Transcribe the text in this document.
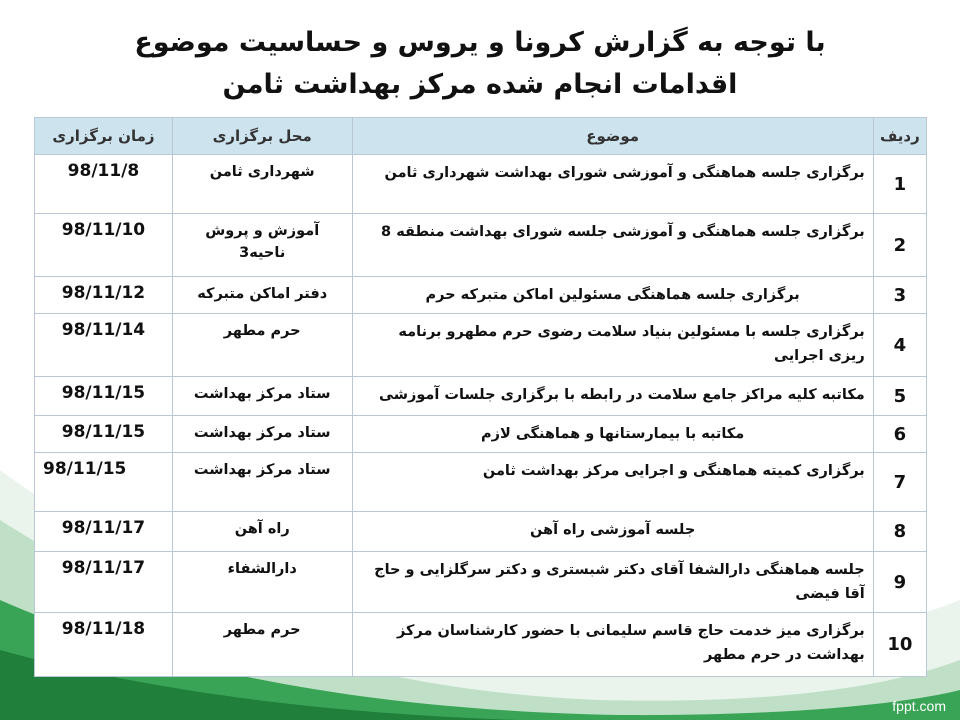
با توجه به گزارش کرونا و یروس و حساسیت موضوع
اقدامات انجام شده مرکز بهداشت ثامن
ردیف	موضوع	محل برگزاری	زمان برگزاری
1	برگزاری جلسه هماهنگی و آموزشی شورای بهداشت شهرداری ثامن	شهرداری ثامن	98/11/8
2	برگزاری جلسه هماهنگی و آموزشی جلسه شورای بهداشت منطقه 8	آموزش و پروش ناحیه3	98/11/10
3	برگزاری جلسه هماهنگی مسئولین اماکن متبرکه حرم	دفتر اماکن متبرکه	98/11/12
4	برگزاری جلسه با مسئولین بنیاد سلامت رضوی حرم مطهرو برنامه ریزی اجرایی	حرم مطهر	98/11/14
5	مکاتبه کلیه مراکز جامع سلامت در رابطه با برگزاری جلسات آموزشی	ستاد مرکز بهداشت	98/11/15
6	مکاتبه با بیمارستانها و هماهنگی لازم	ستاد مرکز بهداشت	98/11/15
7	برگزاری کمیته هماهنگی و اجرایی مرکز بهداشت ثامن	ستاد مرکز بهداشت	98/11/15
8	جلسه آموزشی راه آهن	راه آهن	98/11/17
9	جلسه هماهنگی دارالشفا آقای دکتر شبستری و دکتر سرگلزایی و حاج آقا فیضی	دارالشفاء	98/11/17
10	برگزاری میز خدمت حاج قاسم سلیمانی با حضور کارشناسان مرکز بهداشت در حرم مطهر	حرم مطهر	98/11/18
fppt.com
